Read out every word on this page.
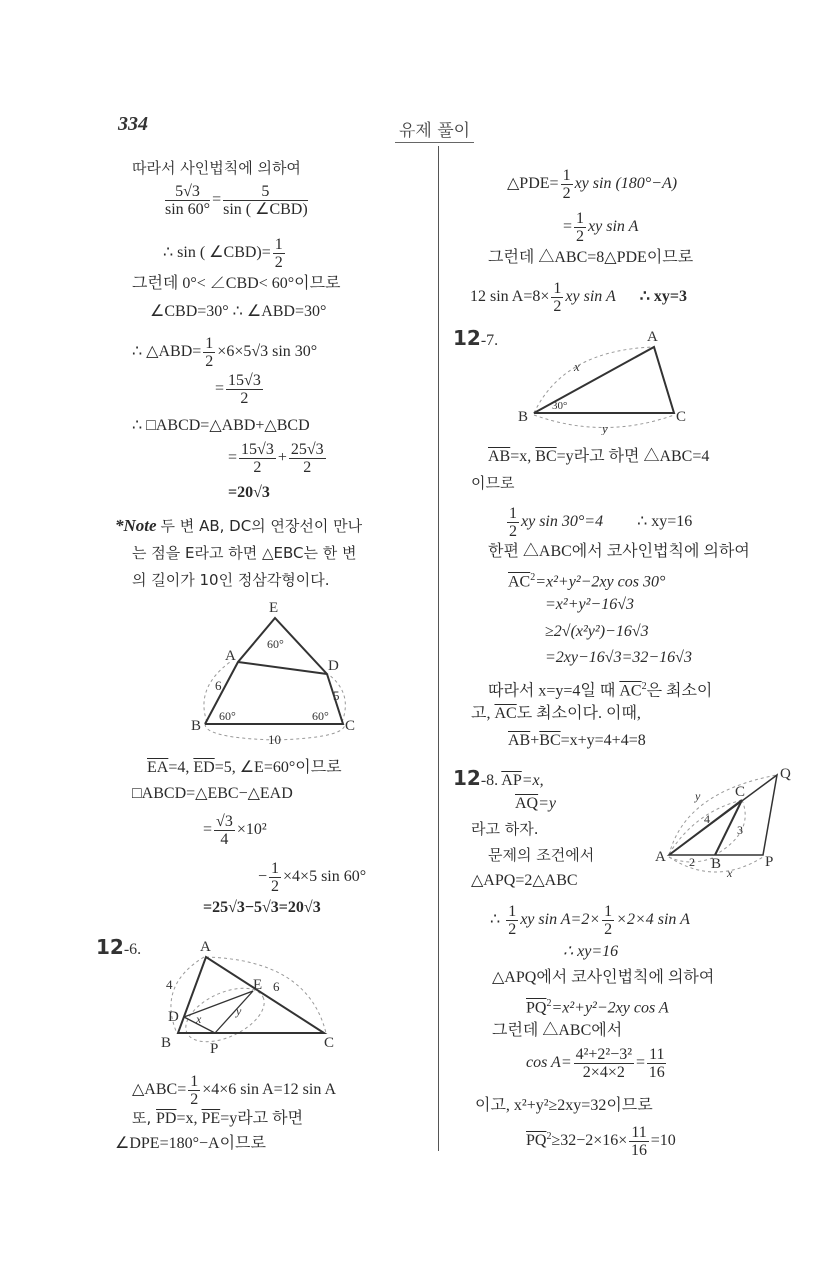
334	유제 풀이
따라서 사인법칙에 의하여
$\frac{5√3}{\sin 60^\circ} = \frac{5}{\text{sin ( ∠CBD)}}$
∴ sin ( ∠CBD)= $\frac{1}{2}$
그런데 0°< ∠CBD< 60°이므로
∠CBD=30° ∴ ∠ABD=30°
∴ △ABD= $\frac{1}{2} \times 6\times 5√3$ sin 30°
= $\frac{15√3}{2}$
∴ □ABCD=△ABD+△BCD
= $\frac{15√3}{2} + \frac{25√3}{2}$
=20√3
*Note 두 변 AB, DC의 연장선이 만나
는 점을 E라고 하면 △EBC는 한 변
의 길이가 10인 정삼각형이다.
E
A
D
B	C
60°
60°	60°
6
5
10
$\overline{EA}=4$, $\overline{ED}=5$, ∠E=60°이므로
□ABCD=△EBC−△EAD
= $\frac{√3}{4} \times 10^2$
− $\frac{1}{2} \times 4\times 5$ sin 60°
=25√3−5√3=20√3
12-6.	A
B	C
D
E
P
4	6
x
y
△ABC= $\frac{1}{2} \times 4\times 6$ sin A=12 sin A
또, $\overline{PD}=x$, $\overline{PE}=y$라고 하면
∠DPE=180°−A이므로
△PDE= $\frac{1}{2}$ xy sin (180°−A)
= $\frac{1}{2}$ xy sin A
그런데 △ABC=8△PDE이므로
12 $\sin A=8\times \frac{1}{2}$ xy sin A ∴ xy=3
12-7.	A
B	C
30°
x
y
$\overline{AB}=x$, $\overline{BC}=y$라고 하면 △ABC=4
이므로
$\frac{1}{2}$ xy sin 30°=4 ∴ xy=16
한편 △ABC에서 코사인법칙에 의하여
$\overline{AC}^2=x^2+y^2-2xy$ cos 30°
=x²+y²−16√3
≥2√(x²y²)−16√3
=2xy−16√3=32−16√3
따라서 x=y=4일 때 $\overline{AC}^2$은 최소이
고, $\overline{AC}$도 최소이다. 이때,
$\overline{AB}+\overline{BC}=x+y=4+4=8$
12-8. $\overline{AP}=x$,
$\overline{AQ}=y$
라고 하자.
문제의 조건에서
△APQ=2△ABC
A	B
C
P
Q
y
4
3
2
x
∴ $\frac{1}{2}$ xy $\sin A=2\times \frac{1}{2} \times 2\times 4$ sin A
∴ xy=16
△APQ에서 코사인법칙에 의하여
$\overline{PQ}^2=x^2+y^2-2xy$ cos A
그런데 △ABC에서
$\cos A= \frac{\text{4²+2²−3²}}{2\times 4\times 2} = \frac{11}{16}$
이고, x²+y²≥2xy=32이므로
$\overline{PQ}^2\ge 32-2\times 16\times \frac{11}{16} =10$
